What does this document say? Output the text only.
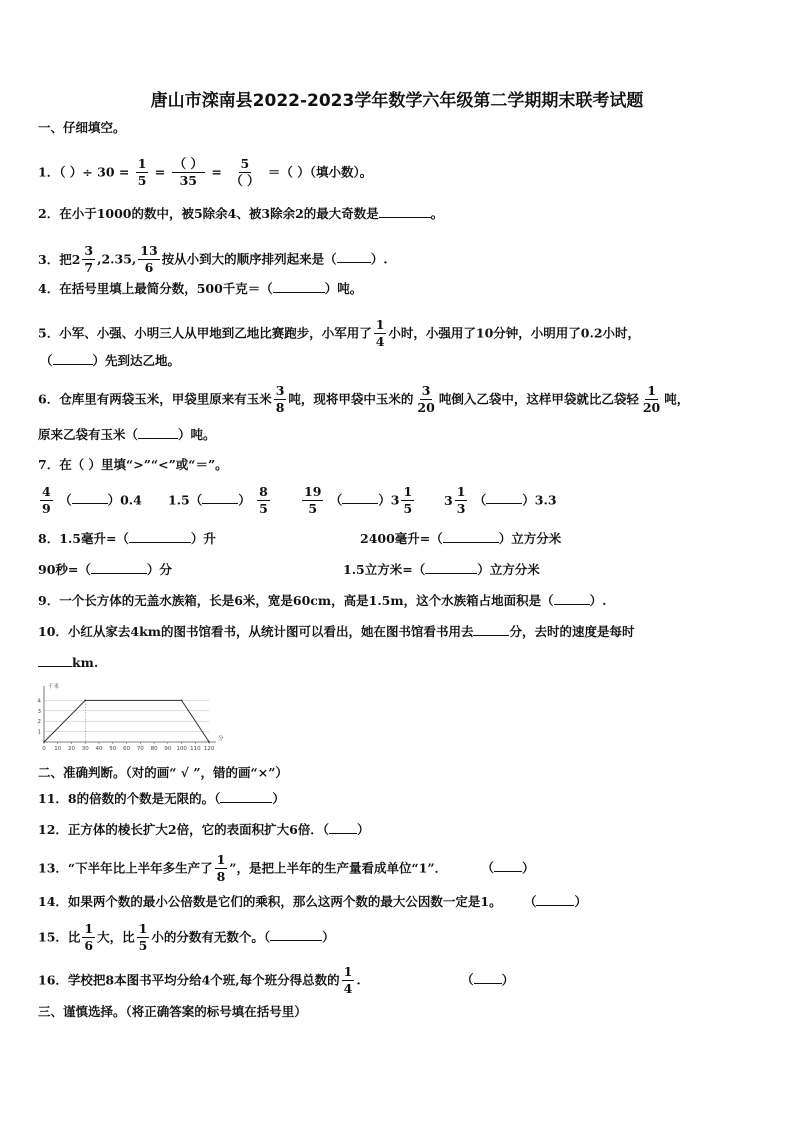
唐山市滦南县2022-2023学年数学六年级第二学期期末联考试题
一、仔细填空。
1．（ ）÷ $30 = \frac{1}{5} = \frac{( )}{35} = \frac{5}{( )}$ ＝（ ）（填小数）。
2．在小于1000的数中，被5除余4、被3除余2的最大奇数是	。
3．把$2 \frac{3}{7} ,2.35$, $\frac{13}{6}$ 按从小到大的顺序排列起来是（	）.
4．在括号里填上最简分数，500千克＝（	）吨。
5．小军、小强、小明三人从甲地到乙地比赛跑步，小军用了 $\frac{1}{4}$ 小时，小强用了10分钟，小明用了0.2小时，
（	）先到达乙地。
6．仓库里有两袋玉米，甲袋里原来有玉米 $\frac{3}{8}$ 吨，现将甲袋中玉米的 $\frac{3}{20}$ 吨倒入乙袋中，这样甲袋就比乙袋轻 $\frac{1}{20}$ 吨，
原来乙袋有玉米（	）吨。
7．在（ ）里填“>”“<”或“＝”。
$\frac{4}{9}$ （	）0.4 1.5（	） $\frac{8}{5}$	$\frac{19}{5}$ （	）$3 \frac{1}{5} 3 \frac{1}{3}$ （	）3.3
8．1.5毫升=（	）升	2400毫升=（	）立方分米
90秒=（	）分	1.5立方米=（	）立方分米
9．一个长方体的无盖水族箱，长是6米，宽是60cm，高是1.5m，这个水族箱占地面积是（	）.
10．小红从家去4km的图书馆看书，从统计图可以看出，她在图书馆看书用去	分，去时的速度是每时
km.
1
2
3
4
0 10 20 30 40 50 60 70 80 90 100 110 120
千米
分
二、准确判断。（对的画“ √ ”，错的画“×”）
11．8的倍数的个数是无限的。（	）
12．正方体的棱长扩大2倍，它的表面积扩大6倍．（ ）
13．“下半年比上半年多生产了 $\frac{1}{8}$ ”，是把上半年的生产量看成单位“1”．	（ ）
14．如果两个数的最小公倍数是它们的乘积，那么这两个数的最大公因数一定是1。 （	）
15．比 $\frac{1}{6}$ 大，比 $\frac{1}{5}$ 小的分数有无数个。（	）
16．学校把8本图书平均分给4个班,每个班分得总数的 $\frac{1}{4}$ .	（ ）
三、谨慎选择。（将正确答案的标号填在括号里）
